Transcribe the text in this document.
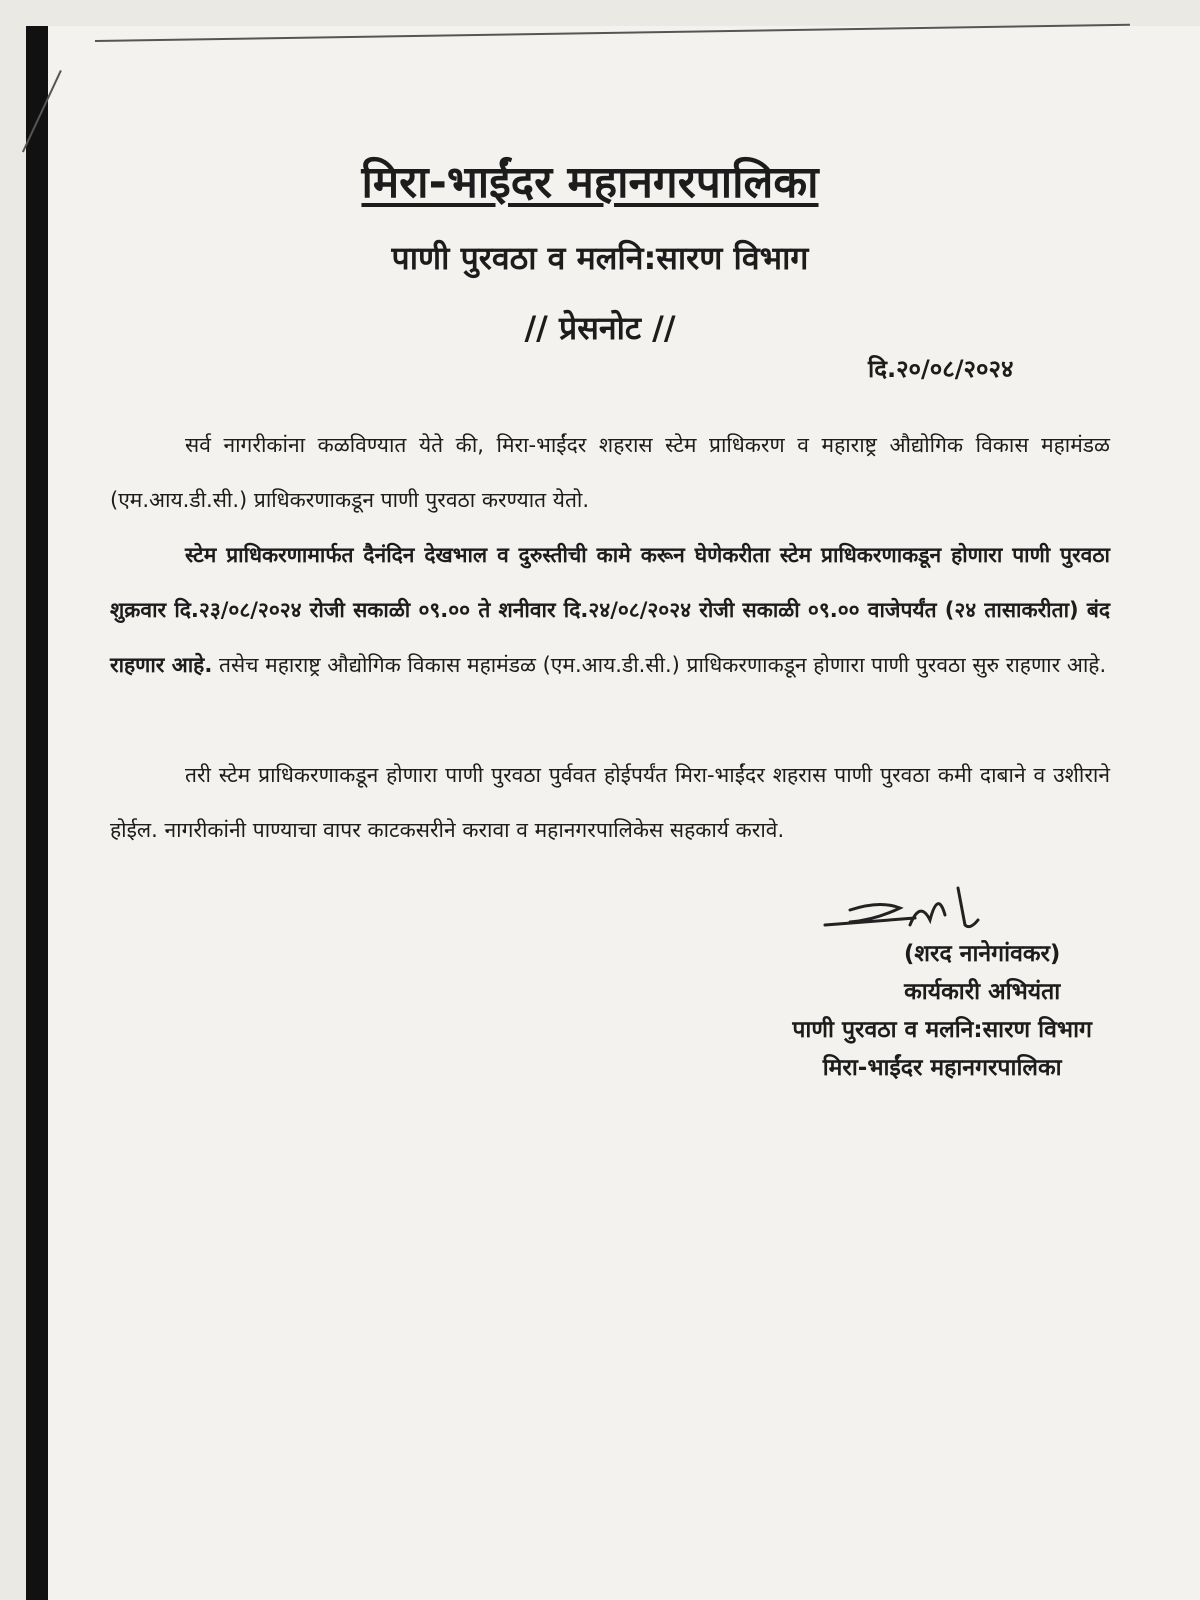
मिरा-भाईंदर महानगरपालिका
पाणी पुरवठा व मलनि:सारण विभाग
// प्रेसनोट //
दि.२०/०८/२०२४

सर्व नागरीकांना कळविण्यात येते की, मिरा-भाईंदर शहरास स्टेम प्राधिकरण व महाराष्ट्र औद्योगिक विकास महामंडळ (एम.आय.डी.सी.) प्राधिकरणाकडून पाणी पुरवठा करण्यात येतो.

स्टेम प्राधिकरणामार्फत दैनंदिन देखभाल व दुरुस्तीची कामे करून घेणेकरीता स्टेम प्राधिकरणाकडून होणारा पाणी पुरवठा शुक्रवार दि.२३/०८/२०२४ रोजी सकाळी ०९.०० ते शनीवार दि.२४/०८/२०२४ रोजी सकाळी ०९.०० वाजेपर्यंत (२४ तासाकरीता) बंद राहणार आहे. तसेच महाराष्ट्र औद्योगिक विकास महामंडळ (एम.आय.डी.सी.) प्राधिकरणाकडून होणारा पाणी पुरवठा सुरु राहणार आहे.

तरी स्टेम प्राधिकरणाकडून होणारा पाणी पुरवठा पुर्ववत होईपर्यंत मिरा-भाईंदर शहरास पाणी पुरवठा कमी दाबाने व उशीराने होईल. नागरीकांनी पाण्याचा वापर काटकसरीने करावा व महानगरपालिकेस सहकार्य करावे.

(शरद नानेगांवकर)
कार्यकारी अभियंता
पाणी पुरवठा व मलनि:सारण विभाग
मिरा-भाईंदर महानगरपालिका
